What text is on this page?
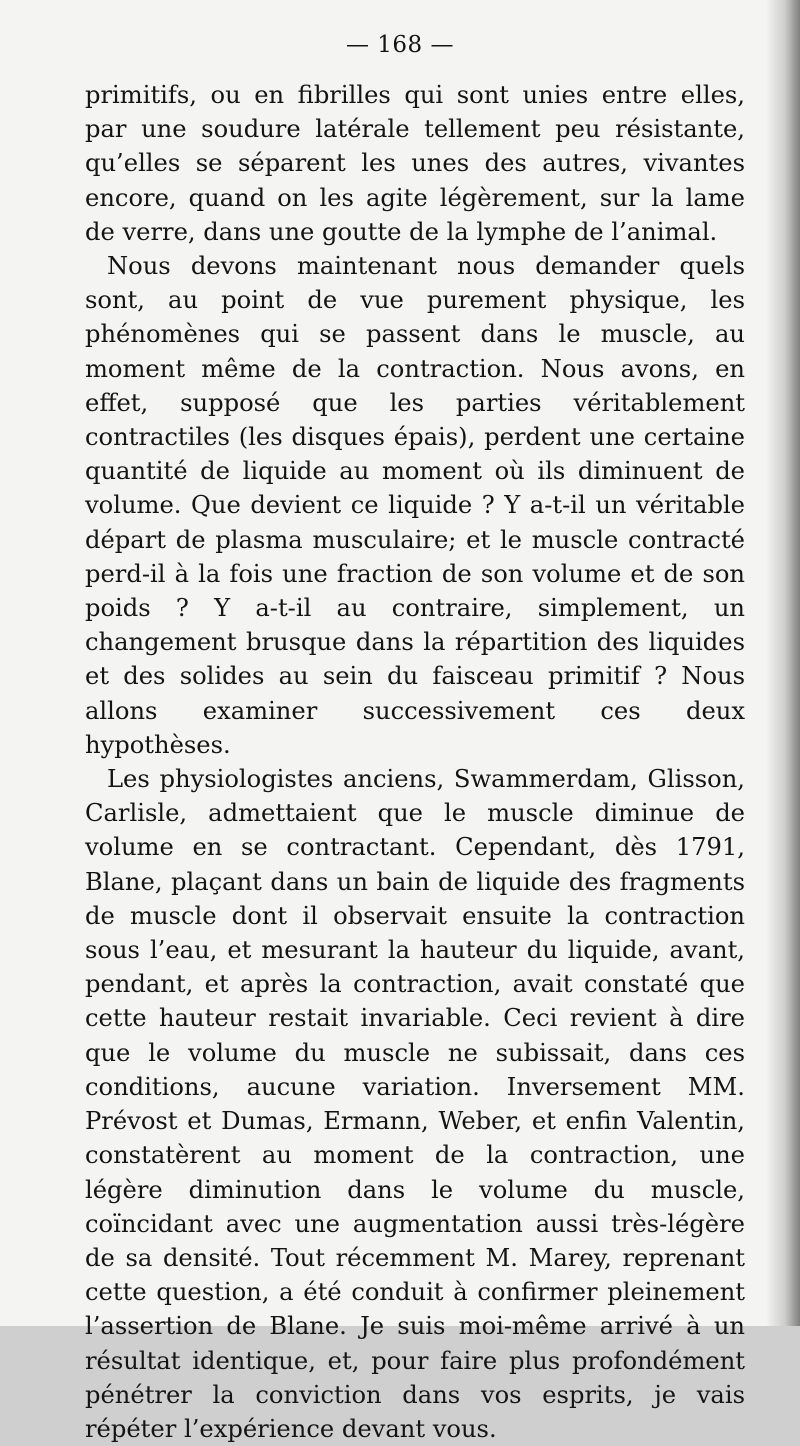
— 168 —

primitifs, ou en fibrilles qui sont unies entre elles, par une soudure latérale tellement peu résistante, qu’elles se séparent les unes des autres, vivantes encore, quand on les agite légèrement, sur la lame de verre, dans une goutte de la lymphe de l’animal.

Nous devons maintenant nous demander quels sont, au point de vue purement physique, les phénomènes qui se passent dans le muscle, au moment même de la contraction. Nous avons, en effet, supposé que les parties véritablement contractiles (les disques épais), perdent une certaine quantité de liquide au moment où ils diminuent de volume. Que devient ce liquide ? Y a-t-il un véritable départ de plasma musculaire; et le muscle contracté perd-il à la fois une fraction de son volume et de son poids ? Y a-t-il au contraire, simplement, un changement brusque dans la répartition des liquides et des solides au sein du faisceau primitif ? Nous allons examiner successivement ces deux hypothèses.

Les physiologistes anciens, Swammerdam, Glisson, Carlisle, admettaient que le muscle diminue de volume en se contractant. Cependant, dès 1791, Blane, plaçant dans un bain de liquide des fragments de muscle dont il observait ensuite la contraction sous l’eau, et mesurant la hauteur du liquide, avant, pendant, et après la contraction, avait constaté que cette hauteur restait invariable. Ceci revient à dire que le volume du muscle ne subissait, dans ces conditions, aucune variation. Inversement MM. Prévost et Dumas, Ermann, Weber, et enfin Valentin, constatèrent au moment de la contraction, une légère diminution dans le volume du muscle, coïncidant avec une augmentation aussi très-légère de sa densité. Tout récemment M. Marey, reprenant cette question, a été conduit à confirmer pleinement l’assertion de Blane. Je suis moi-même arrivé à un résultat identique, et, pour faire plus profondément pénétrer la conviction dans vos esprits, je vais répéter l’expérience devant vous.
